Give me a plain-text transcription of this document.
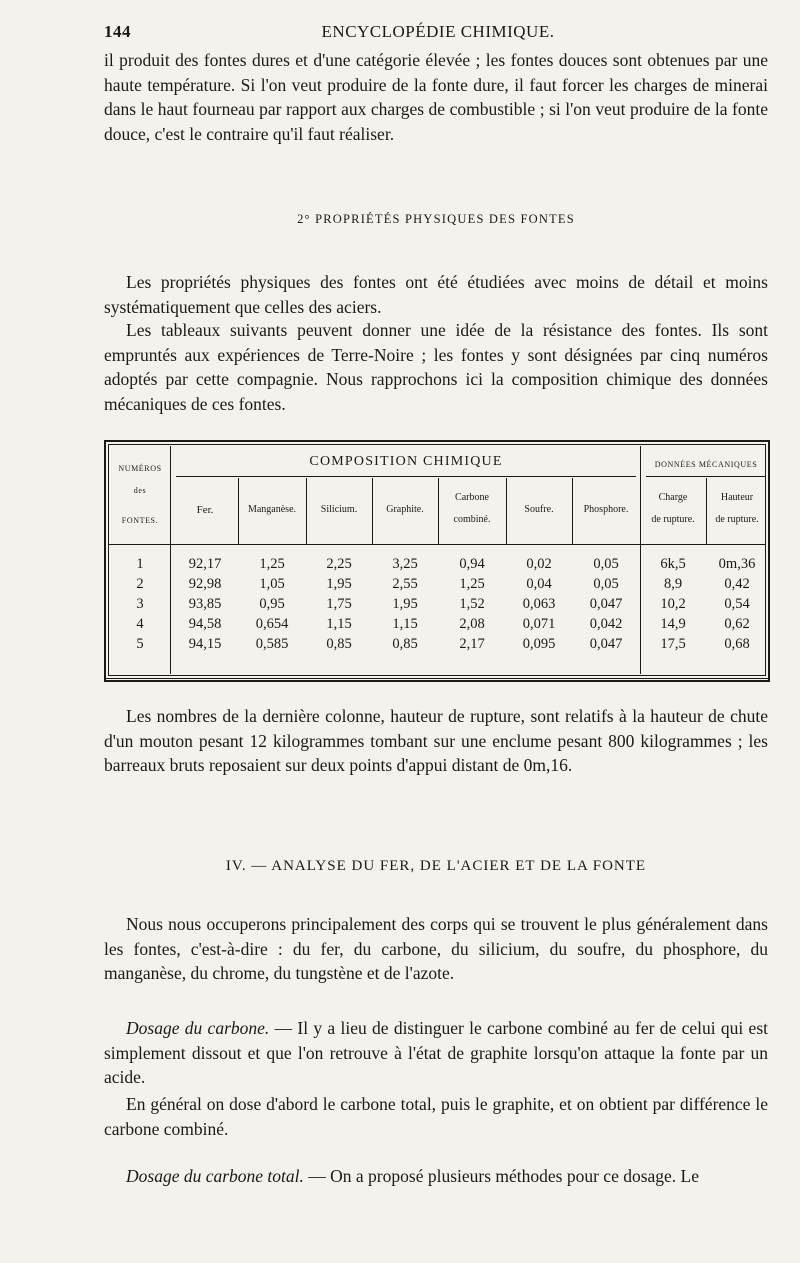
144	ENCYCLOPÉDIE CHIMIQUE.

il produit des fontes dures et d'une catégorie élevée ; les fontes douces sont obtenues par une haute température. Si l'on veut produire de la fonte dure, il faut forcer les charges de minerai dans le haut fourneau par rapport aux charges de combustible ; si l'on veut produire de la fonte douce, c'est le contraire qu'il faut réaliser.

2° PROPRIÉTÉS PHYSIQUES DES FONTES

Les propriétés physiques des fontes ont été étudiées avec moins de détail et moins systématiquement que celles des aciers.

Les tableaux suivants peuvent donner une idée de la résistance des fontes. Ils sont empruntés aux expériences de Terre-Noire ; les fontes y sont désignées par cinq numéros adoptés par cette compagnie. Nous rapprochons ici la composition chimique des données mécaniques de ces fontes.

NUMÉROS
des
FONTES.
COMPOSITION CHIMIQUE	DONNÉES MÉCANIQUES
Fer.	Manganèse.	Silicium.	Graphite.
Carbone
combiné.
Soufre.	Phosphore.
Charge
de rupture.
Hauteur
de rupture.
1	92,17	1,25	2,25	3,25	0,94	0,02	0,05	6k,5	0m,36
2	92,98	1,05	1,95	2,55	1,25	0,04	0,05	8,9	0,42
3	93,85	0,95	1,75	1,95	1,52	0,063	0,047	10,2	0,54
4	94,58	0,654	1,15	1,15	2,08	0,071	0,042	14,9	0,62
5	94,15	0,585	0,85	0,85	2,17	0,095	0,047	17,5	0,68

Les nombres de la dernière colonne, hauteur de rupture, sont relatifs à la hauteur de chute d'un mouton pesant 12 kilogrammes tombant sur une enclume pesant 800 kilogrammes ; les barreaux bruts reposaient sur deux points d'appui distant de 0m,16.

IV. — ANALYSE DU FER, DE L'ACIER ET DE LA FONTE

Nous nous occuperons principalement des corps qui se trouvent le plus généralement dans les fontes, c'est-à-dire : du fer, du carbone, du silicium, du soufre, du phosphore, du manganèse, du chrome, du tungstène et de l'azote.

Dosage du carbone. — Il y a lieu de distinguer le carbone combiné au fer de celui qui est simplement dissout et que l'on retrouve à l'état de graphite lorsqu'on attaque la fonte par un acide.

En général on dose d'abord le carbone total, puis le graphite, et on obtient par différence le carbone combiné.

Dosage du carbone total. — On a proposé plusieurs méthodes pour ce dosage. Le
